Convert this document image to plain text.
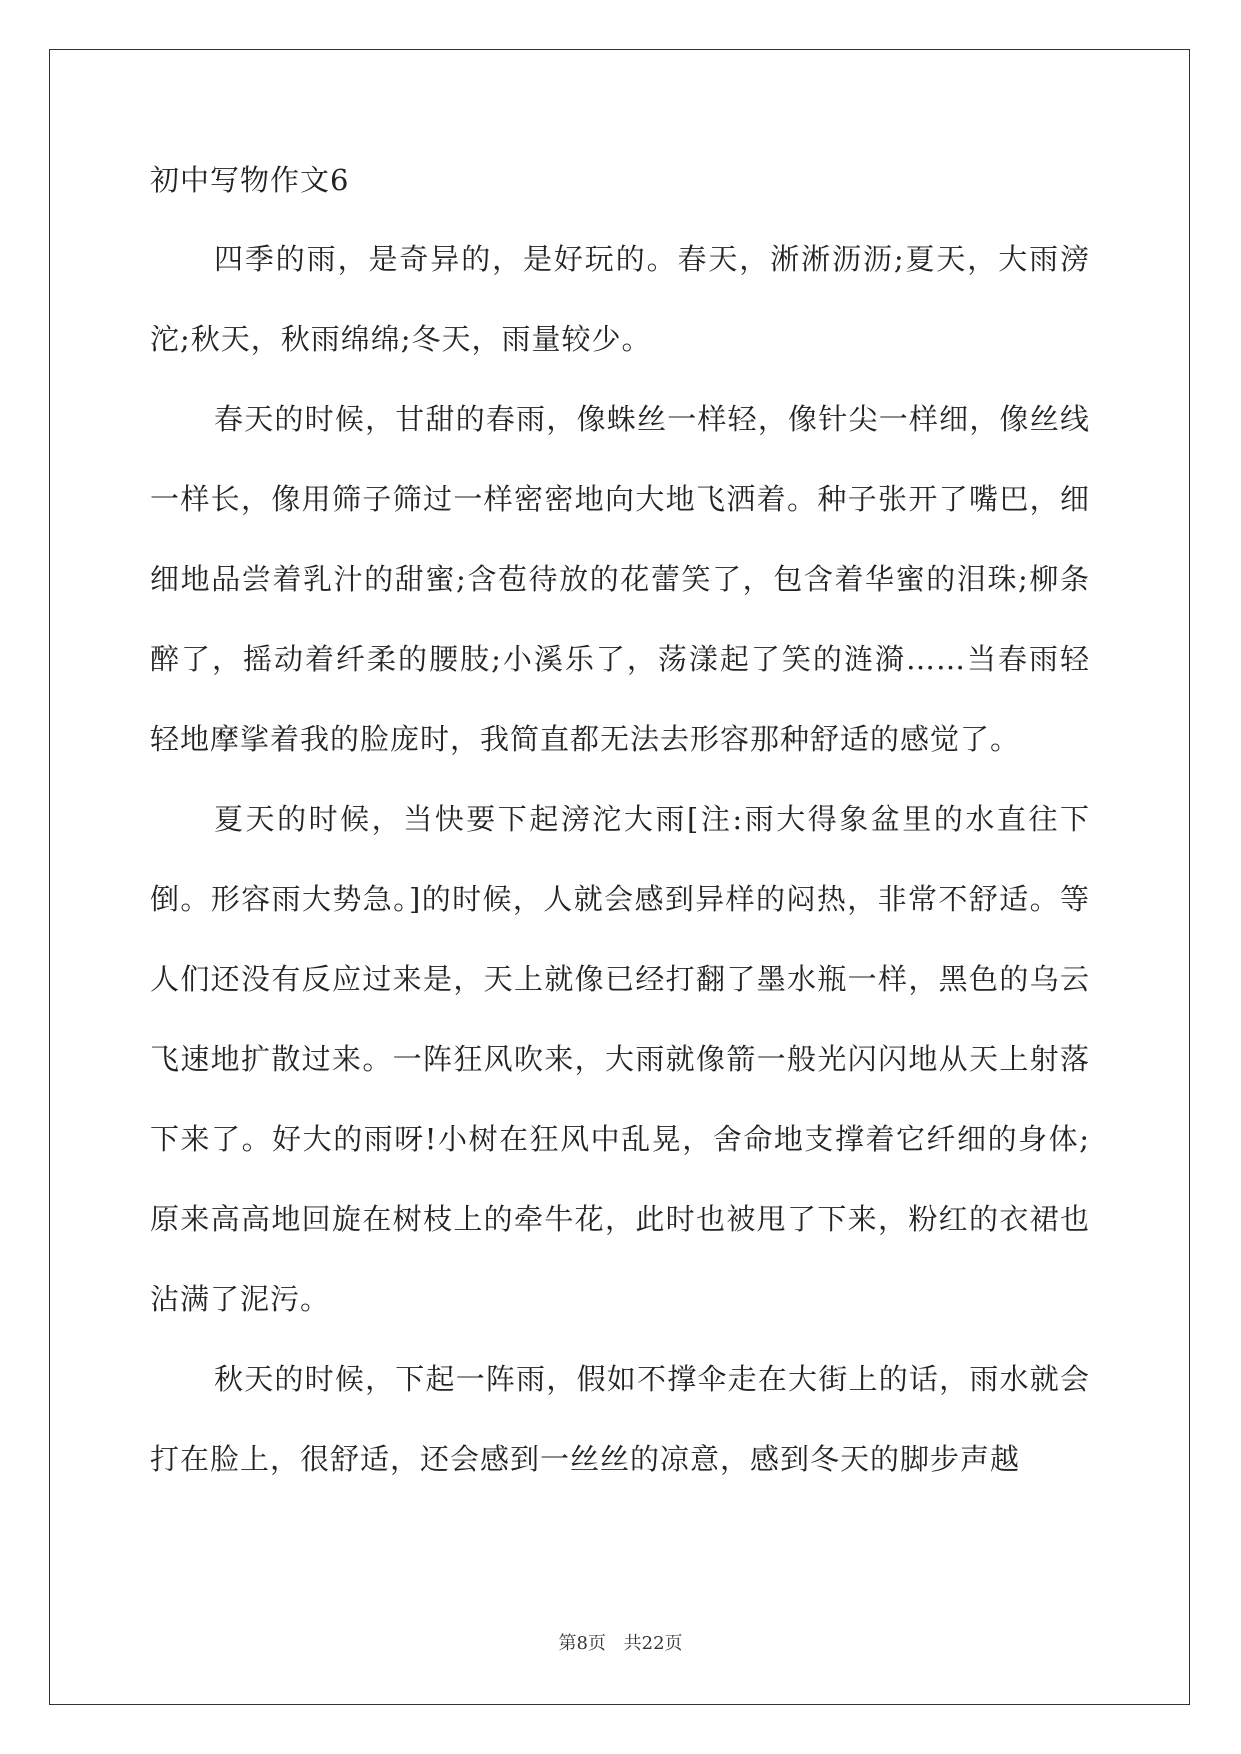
初中写物作文6

四季的雨，是奇异的，是好玩的。春天，淅淅沥沥;夏天，大雨滂沱;秋天，秋雨绵绵;冬天，雨量较少。

春天的时候，甘甜的春雨，像蛛丝一样轻，像针尖一样细，像丝线一样长，像用筛子筛过一样密密地向大地飞洒着。种子张开了嘴巴，细细地品尝着乳汁的甜蜜;含苞待放的花蕾笑了，包含着华蜜的泪珠;柳条醉了，摇动着纤柔的腰肢;小溪乐了，荡漾起了笑的涟漪……当春雨轻轻地摩挲着我的脸庞时，我简直都无法去形容那种舒适的感觉了。

夏天的时候，当快要下起滂沱大雨[注:雨大得象盆里的水直往下倒。形容雨大势急。]的时候，人就会感到异样的闷热，非常不舒适。等人们还没有反应过来是，天上就像已经打翻了墨水瓶一样，黑色的乌云飞速地扩散过来。一阵狂风吹来，大雨就像箭一般光闪闪地从天上射落下来了。好大的雨呀!小树在狂风中乱晃，舍命地支撑着它纤细的身体;原来高高地回旋在树枝上的牵牛花，此时也被甩了下来，粉红的衣裙也沾满了泥污。

秋天的时候，下起一阵雨，假如不撑伞走在大街上的话，雨水就会打在脸上，很舒适，还会感到一丝丝的凉意，感到冬天的脚步声越

第8页 共22页
